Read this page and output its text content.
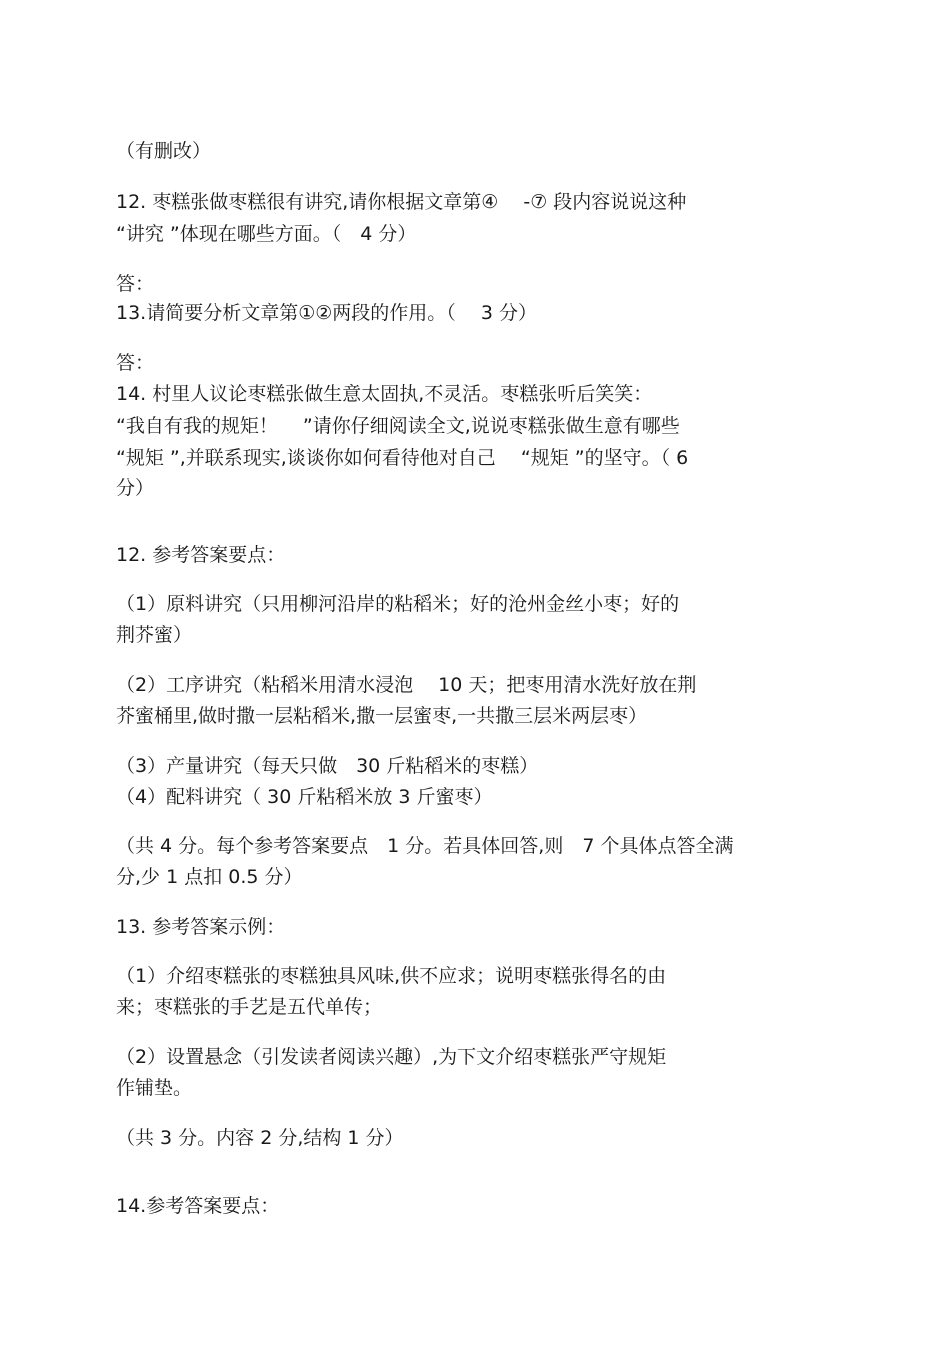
（有删改）

12. 枣糕张做枣糕很有讲究,请你根据文章第④　 -⑦ 段内容说说这种

“讲究 ”体现在哪些方面。（　4 分）

答：

13.请简要分析文章第①②两段的作用。（　 3 分）

答：

14. 村里人议论枣糕张做生意太固执,不灵活。枣糕张听后笑笑：

“我自有我的规矩！　 ”请你仔细阅读全文,说说枣糕张做生意有哪些

“规矩 ”,并联系现实,谈谈你如何看待他对自己　 “规矩 ”的坚守。（ 6

分）

12. 参考答案要点：

（1）原料讲究（只用柳河沿岸的粘稻米；好的沧州金丝小枣；好的

荆芥蜜）

（2）工序讲究（粘稻米用清水浸泡　 10 天；把枣用清水洗好放在荆

芥蜜桶里,做时撒一层粘稻米,撒一层蜜枣,一共撒三层米两层枣）

（3）产量讲究（每天只做　30 斤粘稻米的枣糕）

（4）配料讲究（ 30 斤粘稻米放 3 斤蜜枣）

（共 4 分。每个参考答案要点　1 分。若具体回答,则　7 个具体点答全满

分,少 1 点扣 0.5 分）

13. 参考答案示例：

（1）介绍枣糕张的枣糕独具风味,供不应求；说明枣糕张得名的由

来；枣糕张的手艺是五代单传；

（2）设置悬念（引发读者阅读兴趣）,为下文介绍枣糕张严守规矩

作铺垫。

（共 3 分。内容 2 分,结构 1 分）

14.参考答案要点：
